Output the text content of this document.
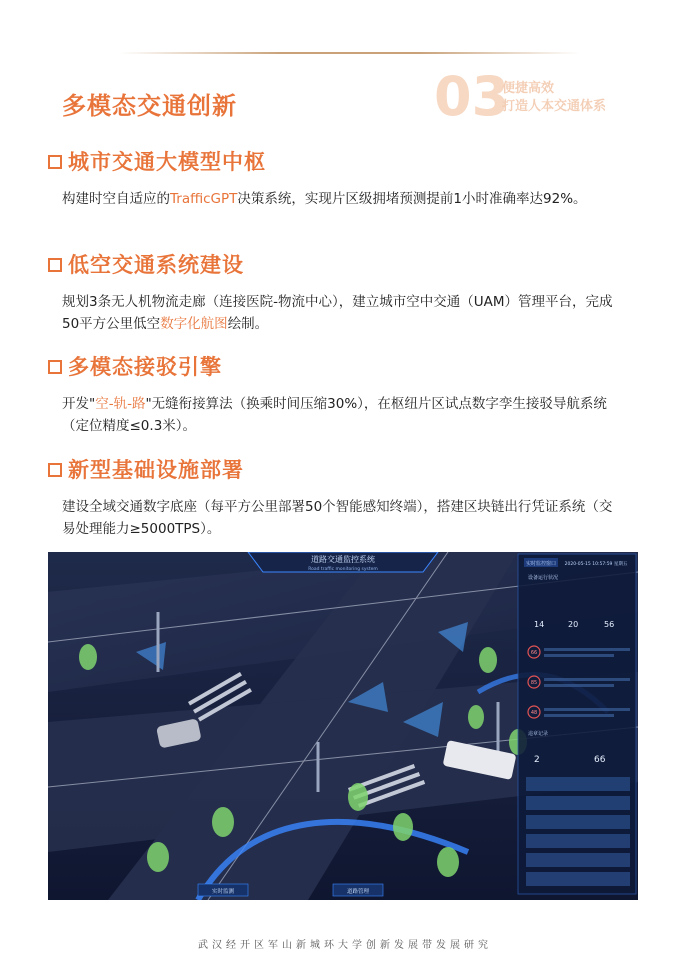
多模态交通创新	03
便捷高效
打造人本交通体系
城市交通大模型中枢
构建时空自适应的TrafficGPT决策系统，实现片区级拥堵预测提前1小时准确率达92%。
低空交通系统建设
规划3条无人机物流走廊（连接医院-物流中心），建立城市空中交通（UAM）管理平台，完成50平方公里低空数字化航图绘制。
多模态接驳引擎
开发"空-轨-路"无缝衔接算法（换乘时间压缩30%），在枢纽片区试点数字孪生接驳导航系统（定位精度≤0.3米）。
新型基础设施部署
建设全域交通数字底座（每平方公里部署50个智能感知终端），搭建区块链出行凭证系统（交易处理能力≥5000TPS）。
道路交通监控系统
Road traffic monitoring system
实时监控窗口 2020-05-15 10:57:59 星期五
设备运行状况
14	20	56
66
85
48
违章记录
2	66
实时监测	道路管理
武汉经开区军山新城环大学创新发展带发展研究
